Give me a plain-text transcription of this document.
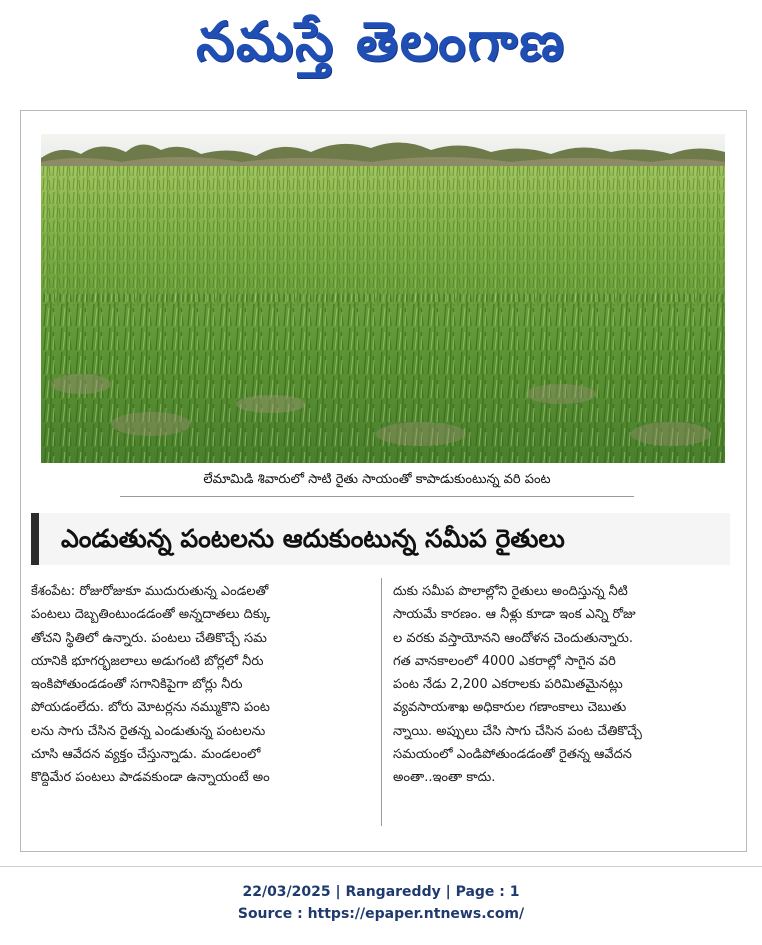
నమస్తే తెలంగాణ
లేమామిడి శివారులో సాటి రైతు సాయంతో కాపాడుకుంటున్న వరి పంట
ఎండుతున్న పంటలను ఆదుకుంటున్న సమీప రైతులు
కేశంపేట: రోజురోజుకూ ముదురుతున్న ఎండలతో
పంటలు దెబ్బతింటుండడంతో అన్నదాతలు దిక్కు
తోచని స్థితిలో ఉన్నారు. పంటలు చేతికొచ్చే సమ
యానికి భూగర్భజలాలు అడుగంటి బోర్లలో నీరు
ఇంకిపోతుండడంతో సగానికిపైగా బోర్లు నీరు
పోయడంలేదు. బోరు మోటర్లను నమ్ముకొని పంట
లను సాగు చేసిన రైతన్న ఎండుతున్న పంటలను
చూసి ఆవేదన వ్యక్తం చేస్తున్నాడు. మండలంలో
కొద్దిమేర పంటలు పాడవకుండా ఉన్నాయంటే అం
దుకు సమీప పొలాల్లోని రైతులు అందిస్తున్న నీటి
సాయమే కారణం. ఆ నీళ్లు కూడా ఇంక ఎన్ని రోజు
ల వరకు వస్తాయోనని ఆందోళన చెందుతున్నారు.
గత వానకాలంలో 4000 ఎకరాల్లో సాగైన వరి
పంట నేడు 2,200 ఎకరాలకు పరిమితమైనట్లు
వ్యవసాయశాఖ అధికారుల గణాంకాలు చెబుతు
న్నాయి. అప్పులు చేసి సాగు చేసిన పంట చేతికొచ్చే
సమయంలో ఎండిపోతుండడంతో రైతన్న ఆవేదన
అంతా..ఇంతా కాదు.
22/03/2025 | Rangareddy | Page : 1
Source : https://epaper.ntnews.com/
